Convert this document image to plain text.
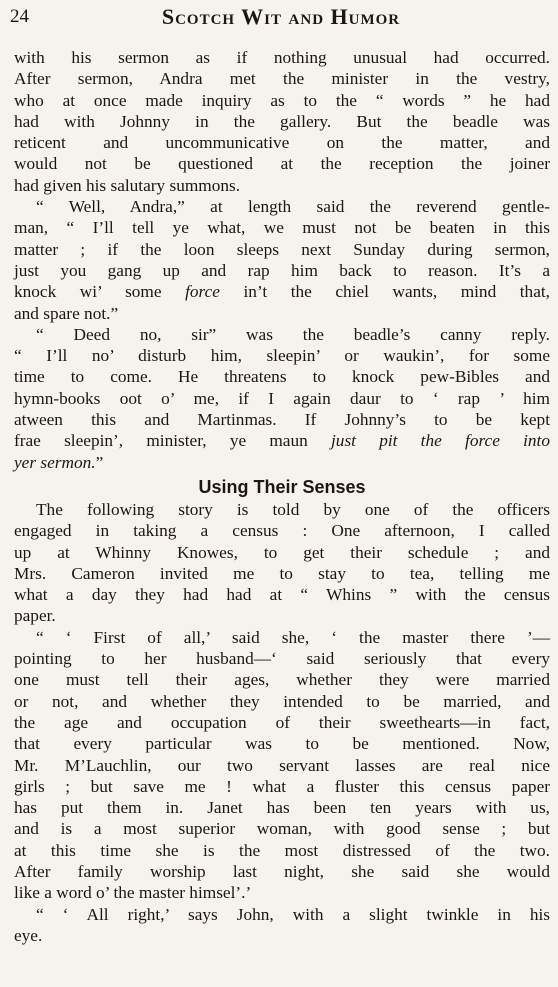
24	Scotch Wit and Humor
with his sermon as if nothing unusual had occurred.
After sermon, Andra met the minister in the vestry,
who at once made inquiry as to the “ words ” he had
had with Johnny in the gallery. But the beadle was
reticent and uncommunicative on the matter, and
would not be questioned at the reception the joiner
had given his salutary summons.
“ Well, Andra,” at length said the reverend gentle-
man, “ I’ll tell ye what, we must not be beaten in this
matter ; if the loon sleeps next Sunday during sermon,
just you gang up and rap him back to reason. It’s a
knock wi’ some force in’t the chiel wants, mind that,
and spare not.”
“ Deed no, sir” was the beadle’s canny reply.
“ I’ll no’ disturb him, sleepin’ or waukin’, for some
time to come. He threatens to knock pew-Bibles and
hymn-books oot o’ me, if I again daur to ‘ rap ’ him
atween this and Martinmas. If Johnny’s to be kept
frae sleepin’, minister, ye maun just pit the force into
yer sermon.”
Using Their Senses
The following story is told by one of the officers
engaged in taking a census : One afternoon, I called
up at Whinny Knowes, to get their schedule ; and
Mrs. Cameron invited me to stay to tea, telling me
what a day they had had at “ Whins ” with the census
paper.
“ ‘ First of all,’ said she, ‘ the master there ’—
pointing to her husband—‘ said seriously that every
one must tell their ages, whether they were married
or not, and whether they intended to be married, and
the age and occupation of their sweethearts—in fact,
that every particular was to be mentioned. Now,
Mr. M’Lauchlin, our two servant lasses are real nice
girls ; but save me ! what a fluster this census paper
has put them in. Janet has been ten years with us,
and is a most superior woman, with good sense ; but
at this time she is the most distressed of the two.
After family worship last night, she said she would
like a word o’ the master himsel’.’
“ ‘ All right,’ says John, with a slight twinkle in his
eye.
